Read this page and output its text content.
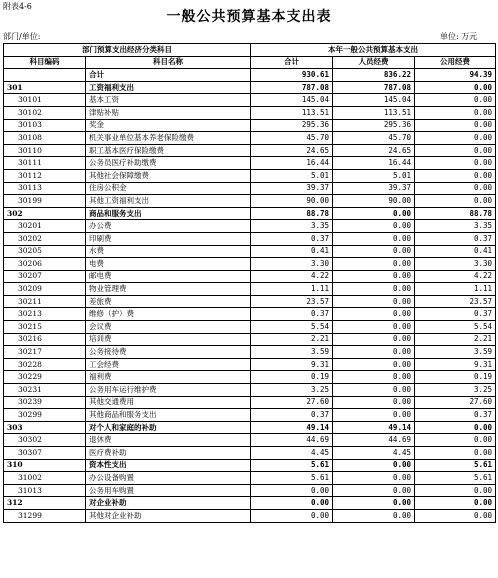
附表4-6
一般公共预算基本支出表
部门/单位:	单位: 万元
部门预算支出经济分类科目		本年一般公共预算基本支出		
科目编码	科目名称	合计	人员经费	公用经费
	合计	930.61	836.22	94.39
301	工资福利支出	787.08	787.08	0.00
30101	基本工资	145.04	145.04	0.00
30102	津贴补贴	113.51	113.51	0.00
30103	奖金	295.36	295.36	0.00
30108	机关事业单位基本养老保险缴费	45.70	45.70	0.00
30110	职工基本医疗保险缴费	24.65	24.65	0.00
30111	公务员医疗补助缴费	16.44	16.44	0.00
30112	其他社会保障缴费	5.01	5.01	0.00
30113	住房公积金	39.37	39.37	0.00
30199	其他工资福利支出	90.00	90.00	0.00
302	商品和服务支出	88.78	0.00	88.78
30201	办公费	3.35	0.00	3.35
30202	印刷费	0.37	0.00	0.37
30205	水费	0.41	0.00	0.41
30206	电费	3.30	0.00	3.30
30207	邮电费	4.22	0.00	4.22
30209	物业管理费	1.11	0.00	1.11
30211	差旅费	23.57	0.00	23.57
30213	维修（护）费	0.37	0.00	0.37
30215	会议费	5.54	0.00	5.54
30216	培训费	2.21	0.00	2.21
30217	公务接待费	3.59	0.00	3.59
30228	工会经费	9.31	0.00	9.31
30229	福利费	0.19	0.00	0.19
30231	公务用车运行维护费	3.25	0.00	3.25
30239	其他交通费用	27.60	0.00	27.60
30299	其他商品和服务支出	0.37	0.00	0.37
303	对个人和家庭的补助	49.14	49.14	0.00
30302	退休费	44.69	44.69	0.00
30307	医疗费补助	4.45	4.45	0.00
310	资本性支出	5.61	0.00	5.61
31002	办公设备购置	5.61	0.00	5.61
31013	公务用车购置	0.00	0.00	0.00
312	对企业补助	0.00	0.00	0.00
31299	其他对企业补助	0.00	0.00	0.00
